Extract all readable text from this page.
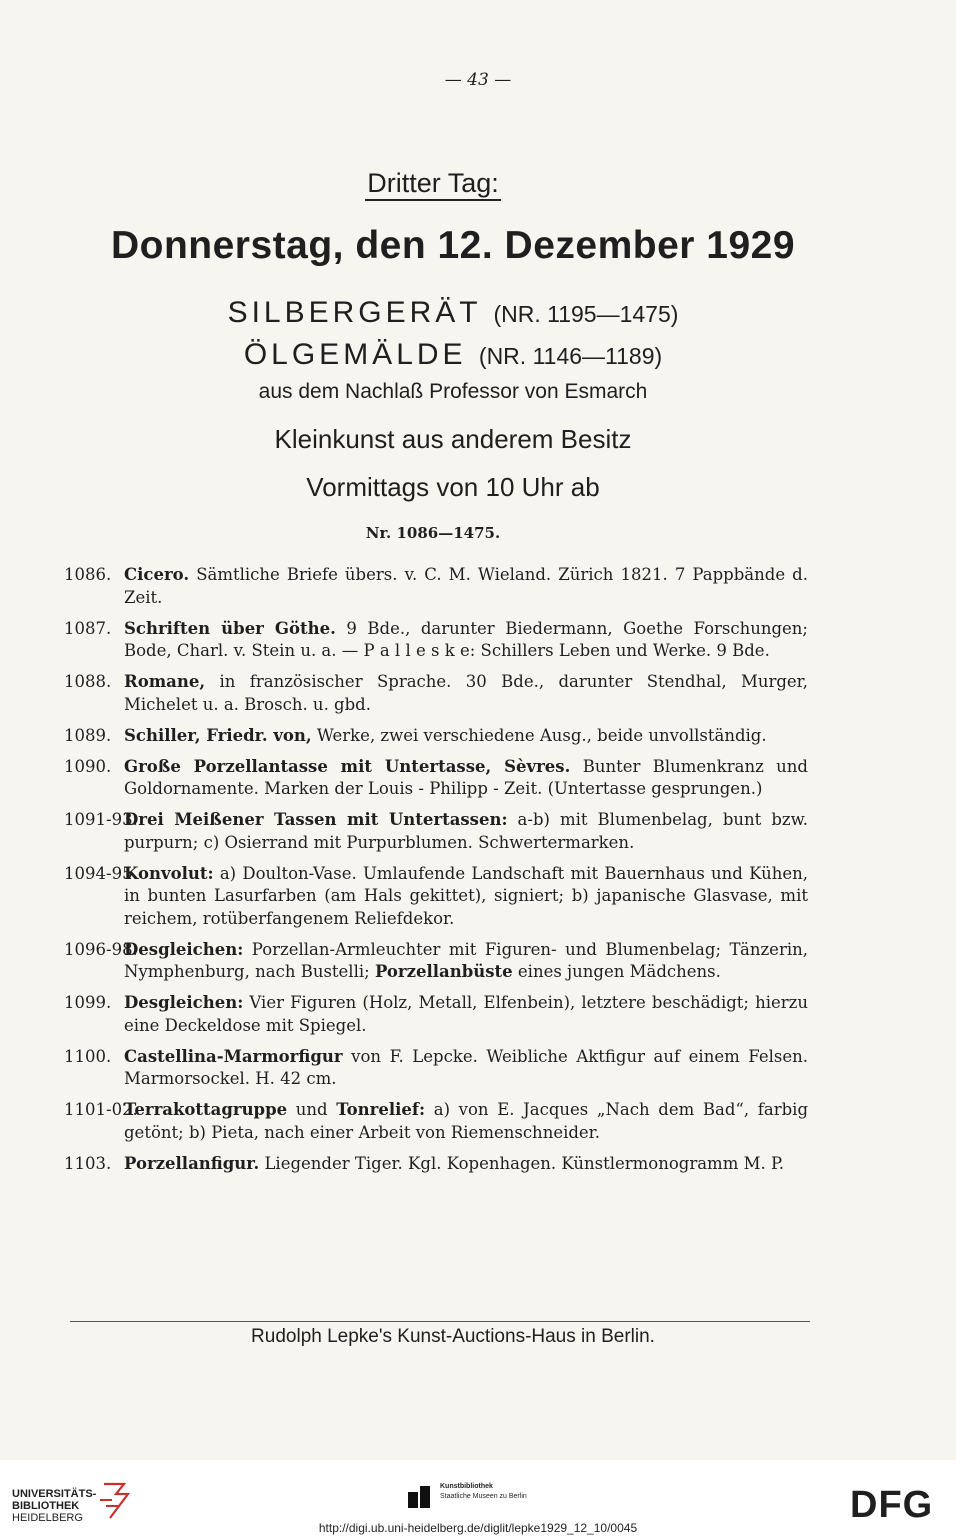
— 43 —
Dritter Tag:
Donnerstag, den 12. Dezember 1929
SILBERGERÄT (NR. 1195—1475)
ÖLGEMÄLDE (NR. 1146—1189)
aus dem Nachlaß Professor von Esmarch
Kleinkunst aus anderem Besitz
Vormittags von 10 Uhr ab
Nr. 1086—1475.
1086. Cicero. Sämtliche Briefe übers. v. C. M. Wieland. Zürich 1821. 7 Pappbände d. Zeit.
1087. Schriften über Göthe. 9 Bde., darunter Biedermann, Goethe Forschungen; Bode, Charl. v. Stein u. a. — P a l l e s k e: Schillers Leben und Werke. 9 Bde.
1088. Romane, in französischer Sprache. 30 Bde., darunter Stendhal, Murger, Michelet u. a. Brosch. u. gbd.
1089. Schiller, Friedr. von, Werke, zwei verschiedene Ausg., beide unvollständig.
1090. Große Porzellantasse mit Untertasse, Sèvres. Bunter Blumenkranz und Goldornamente. Marken der Louis - Philipp - Zeit. (Untertasse gesprungen.)
1091-93.
Drei Meißener Tassen mit Untertassen: a-b) mit Blumenbelag, bunt bzw. purpurn; c) Osierrand mit Purpurblumen. Schwertermarken.
1094-95.
Konvolut: a) Doulton-Vase. Umlaufende Landschaft mit Bauernhaus und Kühen, in bunten Lasurfarben (am Hals gekittet), signiert; b) japanische Glasvase, mit reichem, rotüberfangenem Reliefdekor.
1096-98.
Desgleichen: Porzellan-Armleuchter mit Figuren- und Blumenbelag; Tänzerin, Nymphenburg, nach Bustelli; Porzellanbüste eines jungen Mädchens.
1099. Desgleichen: Vier Figuren (Holz, Metall, Elfenbein), letztere beschädigt; hierzu eine Deckeldose mit Spiegel.
1100. Castellina-Marmorfigur von F. Lepcke. Weibliche Aktfigur auf einem Felsen. Marmorsockel. H. 42 cm.
1101-02.
Terrakottagruppe und Tonrelief: a) von E. Jacques „Nach dem Bad“, farbig getönt; b) Pieta, nach einer Arbeit von Riemenschneider.
1103. Porzellanfigur. Liegender Tiger. Kgl. Kopenhagen. Künstlermonogramm M. P.
Rudolph Lepke's Kunst-Auctions-Haus in Berlin.
UNIVERSITÄTS-
BIBLIOTHEK
HEIDELBERG
Kunstbibliothek
Staatliche Museen zu Berlin	DFG
http://digi.ub.uni-heidelberg.de/diglit/lepke1929_12_10/0045
